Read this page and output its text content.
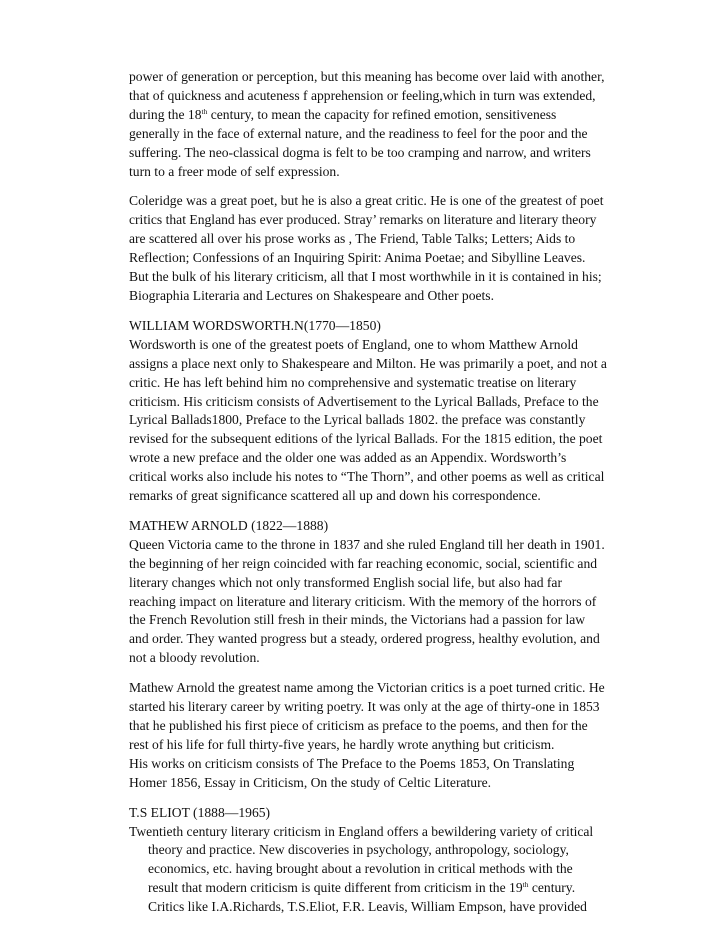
power of generation or perception, but this meaning has become over laid with another,
that of quickness and acuteness f apprehension or feeling,which in turn was extended,
during the 18th century, to mean the capacity for refined emotion, sensitiveness
generally in the face of external nature, and the readiness to feel for the poor and the
suffering. The neo-classical dogma is felt to be too cramping and narrow, and writers
turn to a freer mode of self expression.

Coleridge was a great poet, but he is also a great critic. He is one of the greatest of poet
critics that England has ever produced. Stray’ remarks on literature and literary theory
are scattered all over his prose works as , The Friend, Table Talks; Letters; Aids to
Reflection; Confessions of an Inquiring Spirit: Anima Poetae; and Sibylline Leaves.
But the bulk of his literary criticism, all that I most worthwhile in it is contained in his;
Biographia Literaria and Lectures on Shakespeare and Other poets.

WILLIAM WORDSWORTH.N(1770—1850)
Wordsworth is one of the greatest poets of England, one to whom Matthew Arnold
assigns a place next only to Shakespeare and Milton. He was primarily a poet, and not a
critic. He has left behind him no comprehensive and systematic treatise on literary
criticism. His criticism consists of Advertisement to the Lyrical Ballads, Preface to the
Lyrical Ballads1800, Preface to the Lyrical ballads 1802. the preface was constantly
revised for the subsequent editions of the lyrical Ballads. For the 1815 edition, the poet
wrote a new preface and the older one was added as an Appendix. Wordsworth’s
critical works also include his notes to “The Thorn”, and other poems as well as critical
remarks of great significance scattered all up and down his correspondence.

MATHEW ARNOLD (1822—1888)
Queen Victoria came to the throne in 1837 and she ruled England till her death in 1901.
the beginning of her reign coincided with far reaching economic, social, scientific and
literary changes which not only transformed English social life, but also had far
reaching impact on literature and literary criticism. With the memory of the horrors of
the French Revolution still fresh in their minds, the Victorians had a passion for law
and order. They wanted progress but a steady, ordered progress, healthy evolution, and
not a bloody revolution.

Mathew Arnold the greatest name among the Victorian critics is a poet turned critic. He
started his literary career by writing poetry. It was only at the age of thirty-one in 1853
that he published his first piece of criticism as preface to the poems, and then for the
rest of his life for full thirty-five years, he hardly wrote anything but criticism.
His works on criticism consists of The Preface to the Poems 1853, On Translating
Homer 1856, Essay in Criticism, On the study of Celtic Literature.

T.S ELIOT (1888—1965)
Twentieth century literary criticism in England offers a bewildering variety of critical
theory and practice. New discoveries in psychology, anthropology, sociology,
economics, etc. having brought about a revolution in critical methods with the
result that modern criticism is quite different from criticism in the 19th century.
Critics like I.A.Richards, T.S.Eliot, F.R. Leavis, William Empson, have provided
